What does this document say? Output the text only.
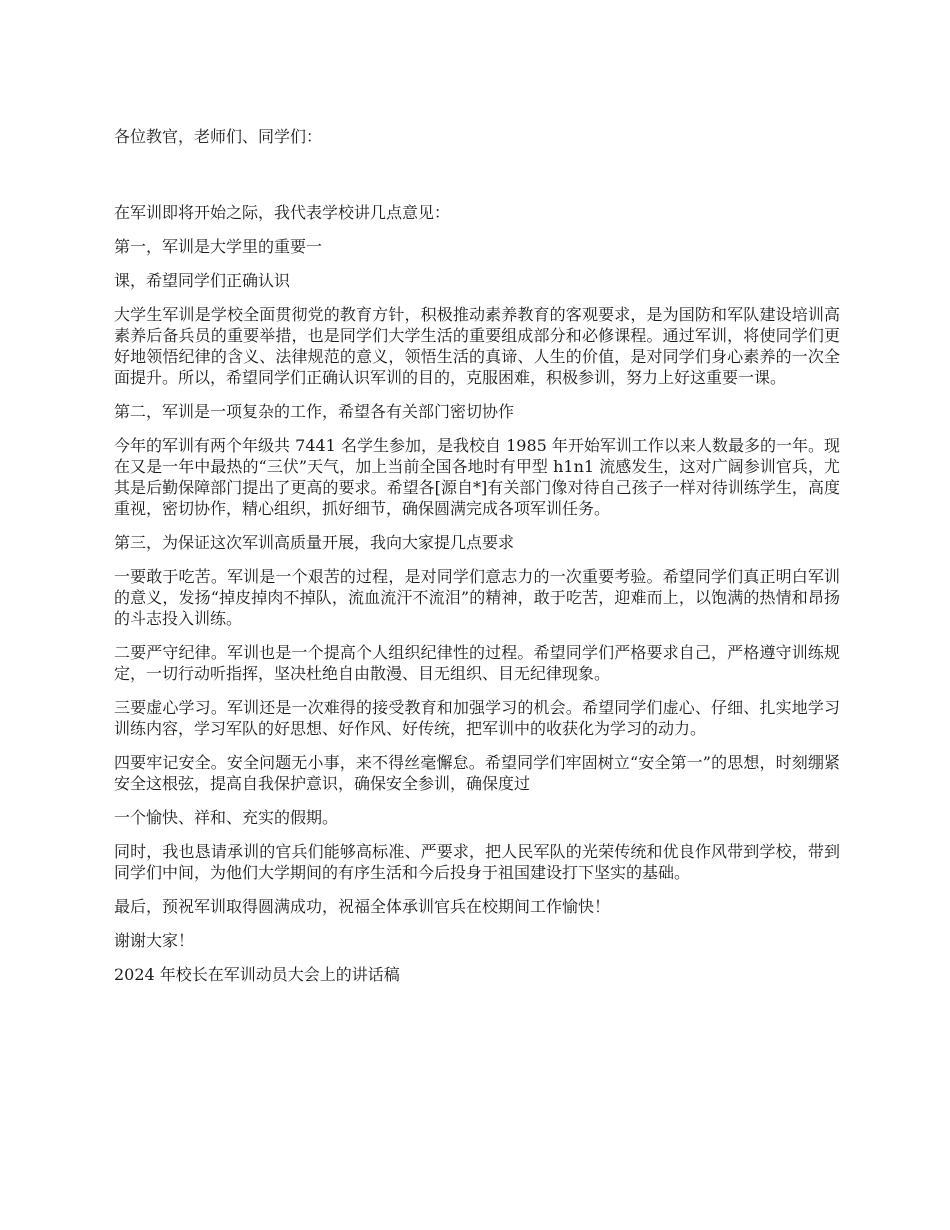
各位教官，老师们、同学们：

在军训即将开始之际，我代表学校讲几点意见：

第一，军训是大学里的重要一

课，希望同学们正确认识

大学生军训是学校全面贯彻党的教育方针，积极推动素养教育的客观要求，是为国防和军队建设培训高素养后备兵员的重要举措，也是同学们大学生活的重要组成部分和必修课程。通过军训，将使同学们更好地领悟纪律的含义、法律规范的意义，领悟生活的真谛、人生的价值，是对同学们身心素养的一次全面提升。所以，希望同学们正确认识军训的目的，克服困难，积极参训，努力上好这重要一课。

第二，军训是一项复杂的工作，希望各有关部门密切协作

今年的军训有两个年级共 7441 名学生参加，是我校自 1985 年开始军训工作以来人数最多的一年。现在又是一年中最热的“三伏”天气，加上当前全国各地时有甲型 h1n1 流感发生，这对广阔参训官兵，尤其是后勤保障部门提出了更高的要求。希望各[源自*]有关部门像对待自己孩子一样对待训练学生，高度重视，密切协作，精心组织，抓好细节，确保圆满完成各项军训任务。

第三，为保证这次军训高质量开展，我向大家提几点要求

一要敢于吃苦。军训是一个艰苦的过程，是对同学们意志力的一次重要考验。希望同学们真正明白军训的意义，发扬“掉皮掉肉不掉队，流血流汗不流泪”的精神，敢于吃苦，迎难而上，以饱满的热情和昂扬的斗志投入训练。

二要严守纪律。军训也是一个提高个人组织纪律性的过程。希望同学们严格要求自己，严格遵守训练规定，一切行动听指挥，坚决杜绝自由散漫、目无组织、目无纪律现象。

三要虚心学习。军训还是一次难得的接受教育和加强学习的机会。希望同学们虚心、仔细、扎实地学习训练内容，学习军队的好思想、好作风、好传统，把军训中的收获化为学习的动力。

四要牢记安全。安全问题无小事，来不得丝毫懈怠。希望同学们牢固树立“安全第一”的思想，时刻绷紧安全这根弦，提高自我保护意识，确保安全参训，确保度过

一个愉快、祥和、充实的假期。

同时，我也恳请承训的官兵们能够高标准、严要求，把人民军队的光荣传统和优良作风带到学校，带到同学们中间，为他们大学期间的有序生活和今后投身于祖国建设打下坚实的基础。

最后，预祝军训取得圆满成功，祝福全体承训官兵在校期间工作愉快！

谢谢大家！

2024 年校长在军训动员大会上的讲话稿
